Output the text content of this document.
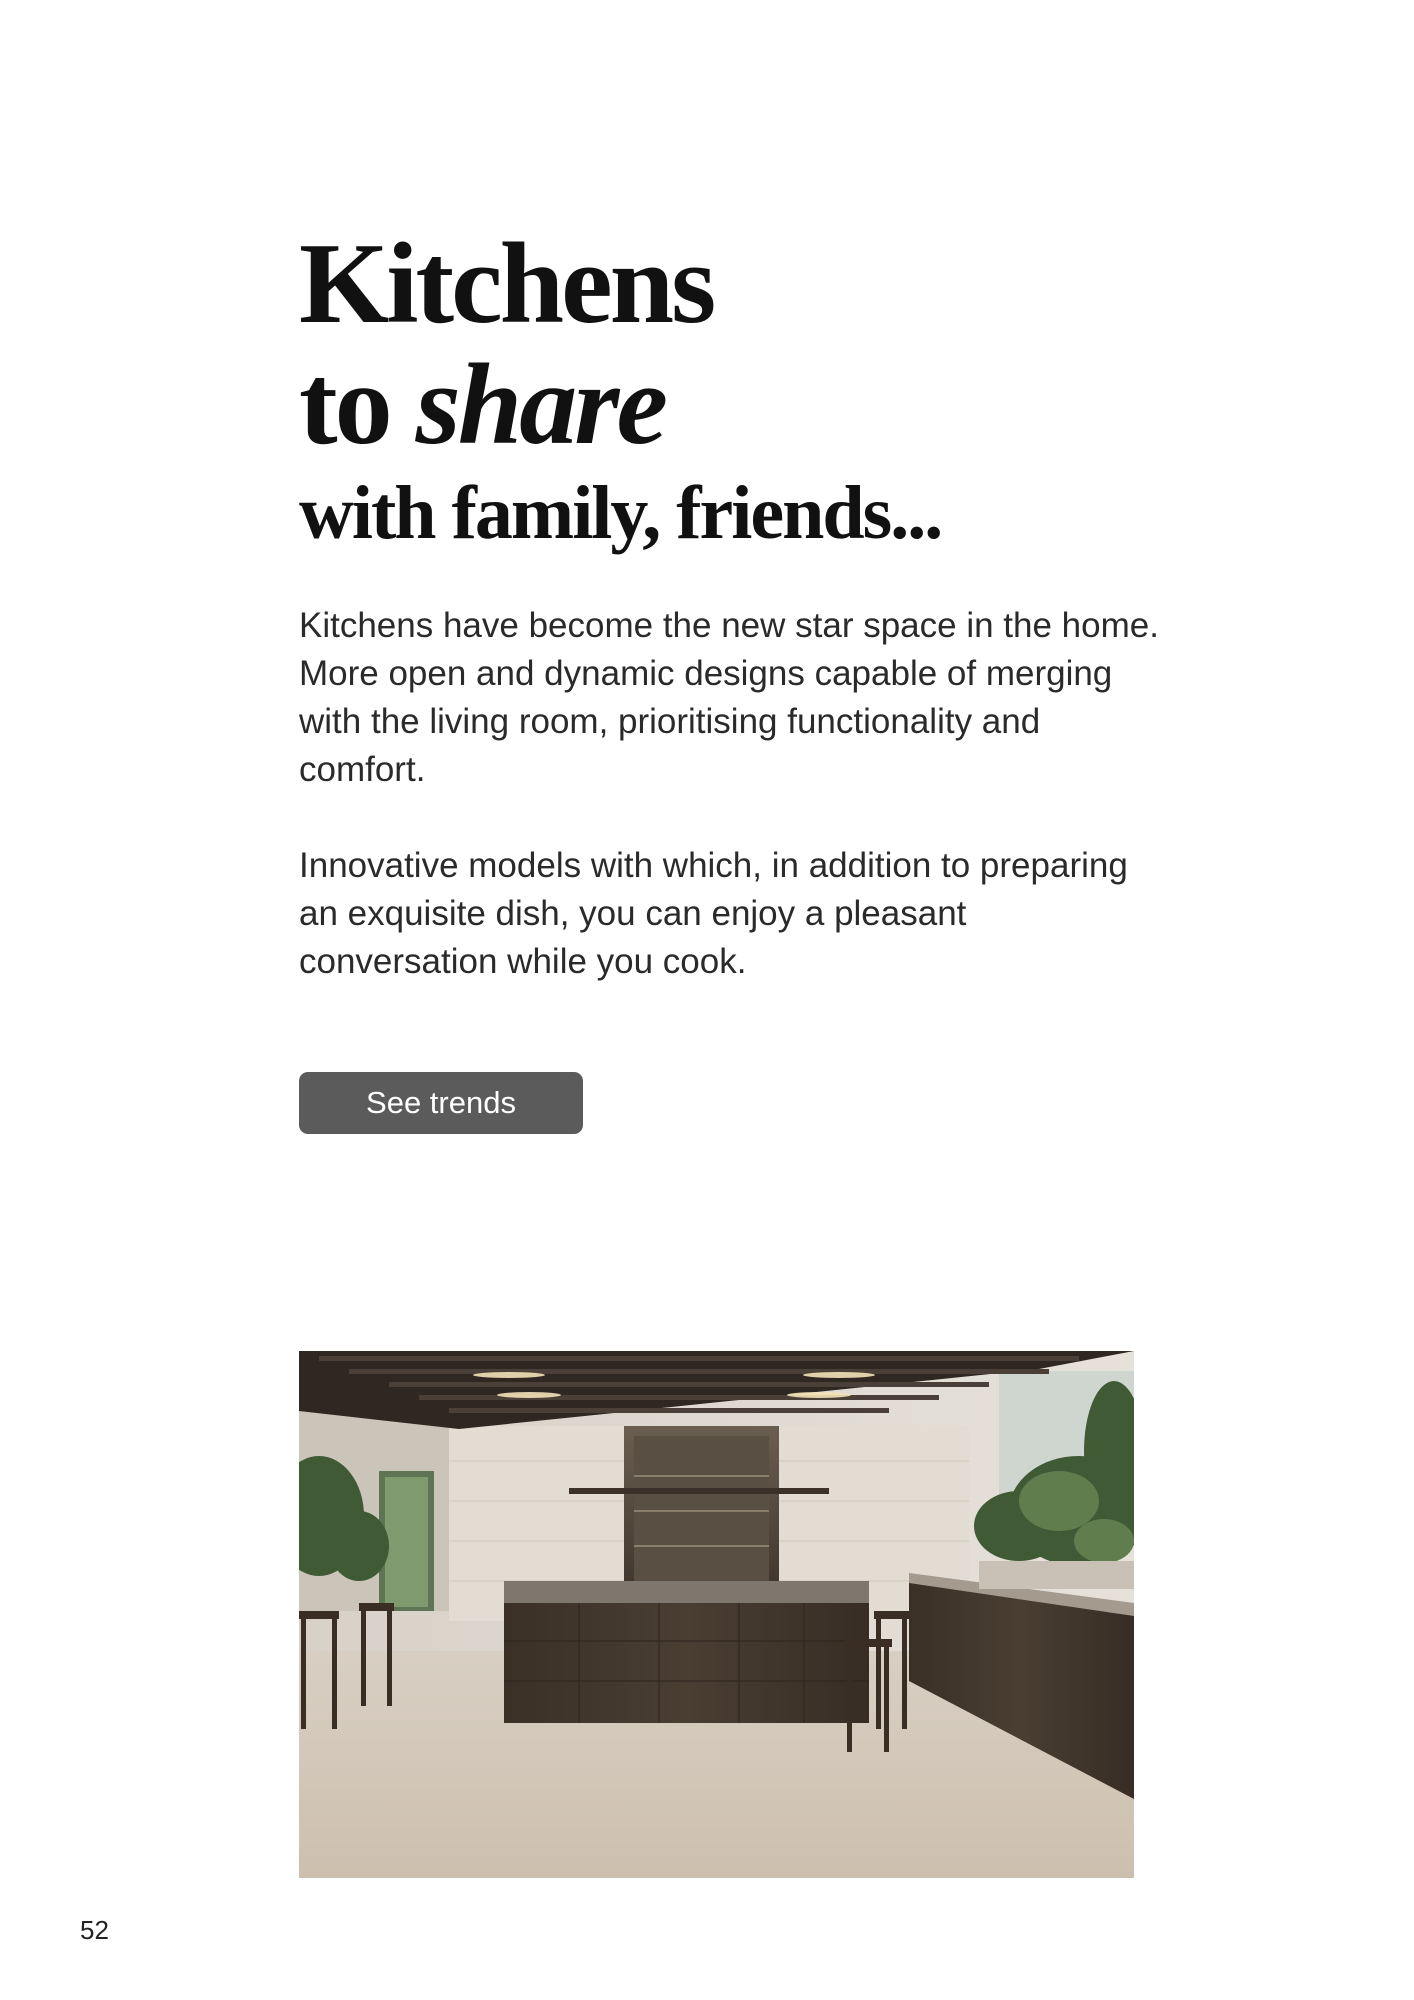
Kitchens
to share
with family, friends...

Kitchens have become the new star space in the home. More open and dynamic designs capable of merging with the living room, prioritising functionality and comfort.

Innovative models with which, in addition to preparing an exquisite dish, you can enjoy a pleasant conversation while you cook.

See trends
52
